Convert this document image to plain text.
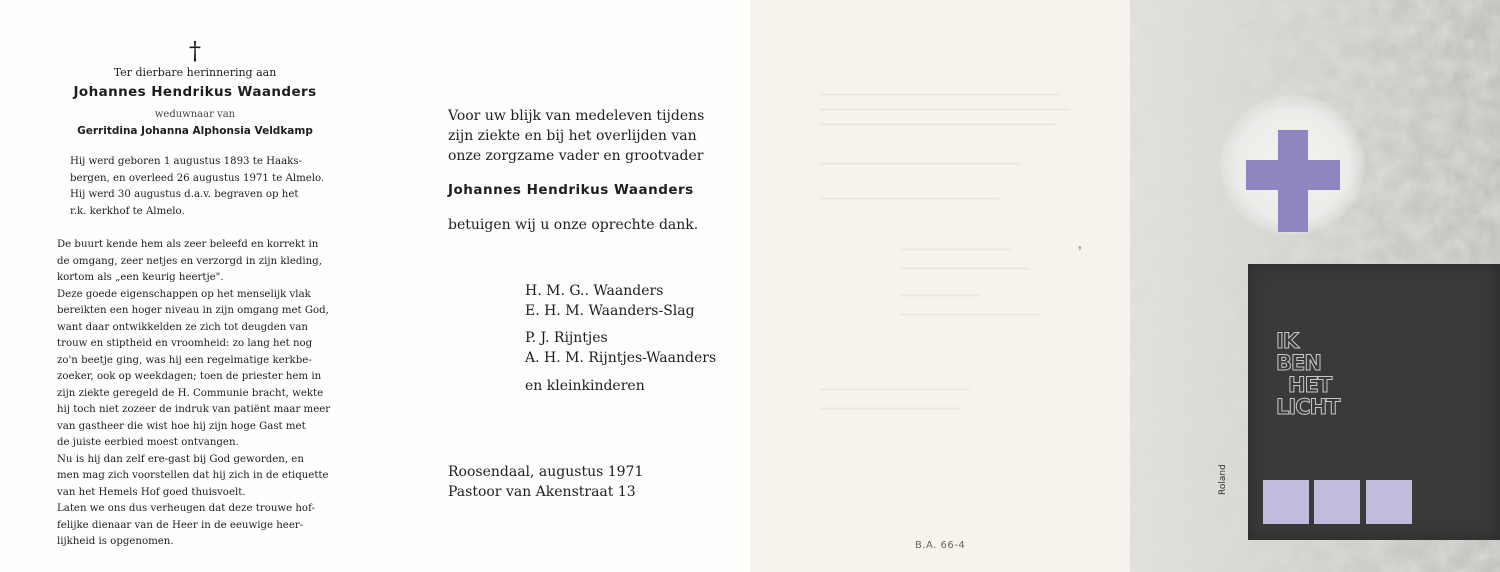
†
Ter dierbare herinnering aan
Johannes Hendrikus Waanders
weduwnaar van
Gerritdina Johanna Alphonsia Veldkamp
Hij werd geboren 1 augustus 1893 te Haaks-
bergen, en overleed 26 augustus 1971 te Almelo.
Hij werd 30 augustus d.a.v. begraven op het
r.k. kerkhof te Almelo.

De buurt kende hem als zeer beleefd en korrekt in

de omgang, zeer netjes en verzorgd in zijn kleding,

kortom als „een keurig heertje".

Deze goede eigenschappen op het menselijk vlak

bereikten een hoger niveau in zijn omgang met God,

want daar ontwikkelden ze zich tot deugden van

trouw en stiptheid en vroomheid: zo lang het nog

zo'n beetje ging, was hij een regelmatige kerkbe-

zoeker, ook op weekdagen; toen de priester hem in

zijn ziekte geregeld de H. Communie bracht, wekte

hij toch niet zozeer de indruk van patiënt maar meer

van gastheer die wist hoe hij zijn hoge Gast met

de juiste eerbied moest ontvangen.

Nu is hij dan zelf ere-gast bij God geworden, en

men mag zich voorstellen dat hij zich in de etiquette

van het Hemels Hof goed thuisvoelt.

Laten we ons dus verheugen dat deze trouwe hof-

felijke dienaar van de Heer in de eeuwige heer-

lijkheid is opgenomen.

Voor uw blijk van medeleven tijdens
zijn ziekte en bij het overlijden van
onze zorgzame vader en grootvader
Johannes Hendrikus Waanders
betuigen wij u onze oprechte dank.
H. M. G.. Waanders
E. H. M. Waanders-Slag
P. J. Rijntjes
A. H. M. Rijntjes-Waanders
en kleinkinderen
Roosendaal, augustus 1971
Pastoor van Akenstraat 13
❜
B.A. 66-4
IK
BEN
HET
LICHT
Roland
